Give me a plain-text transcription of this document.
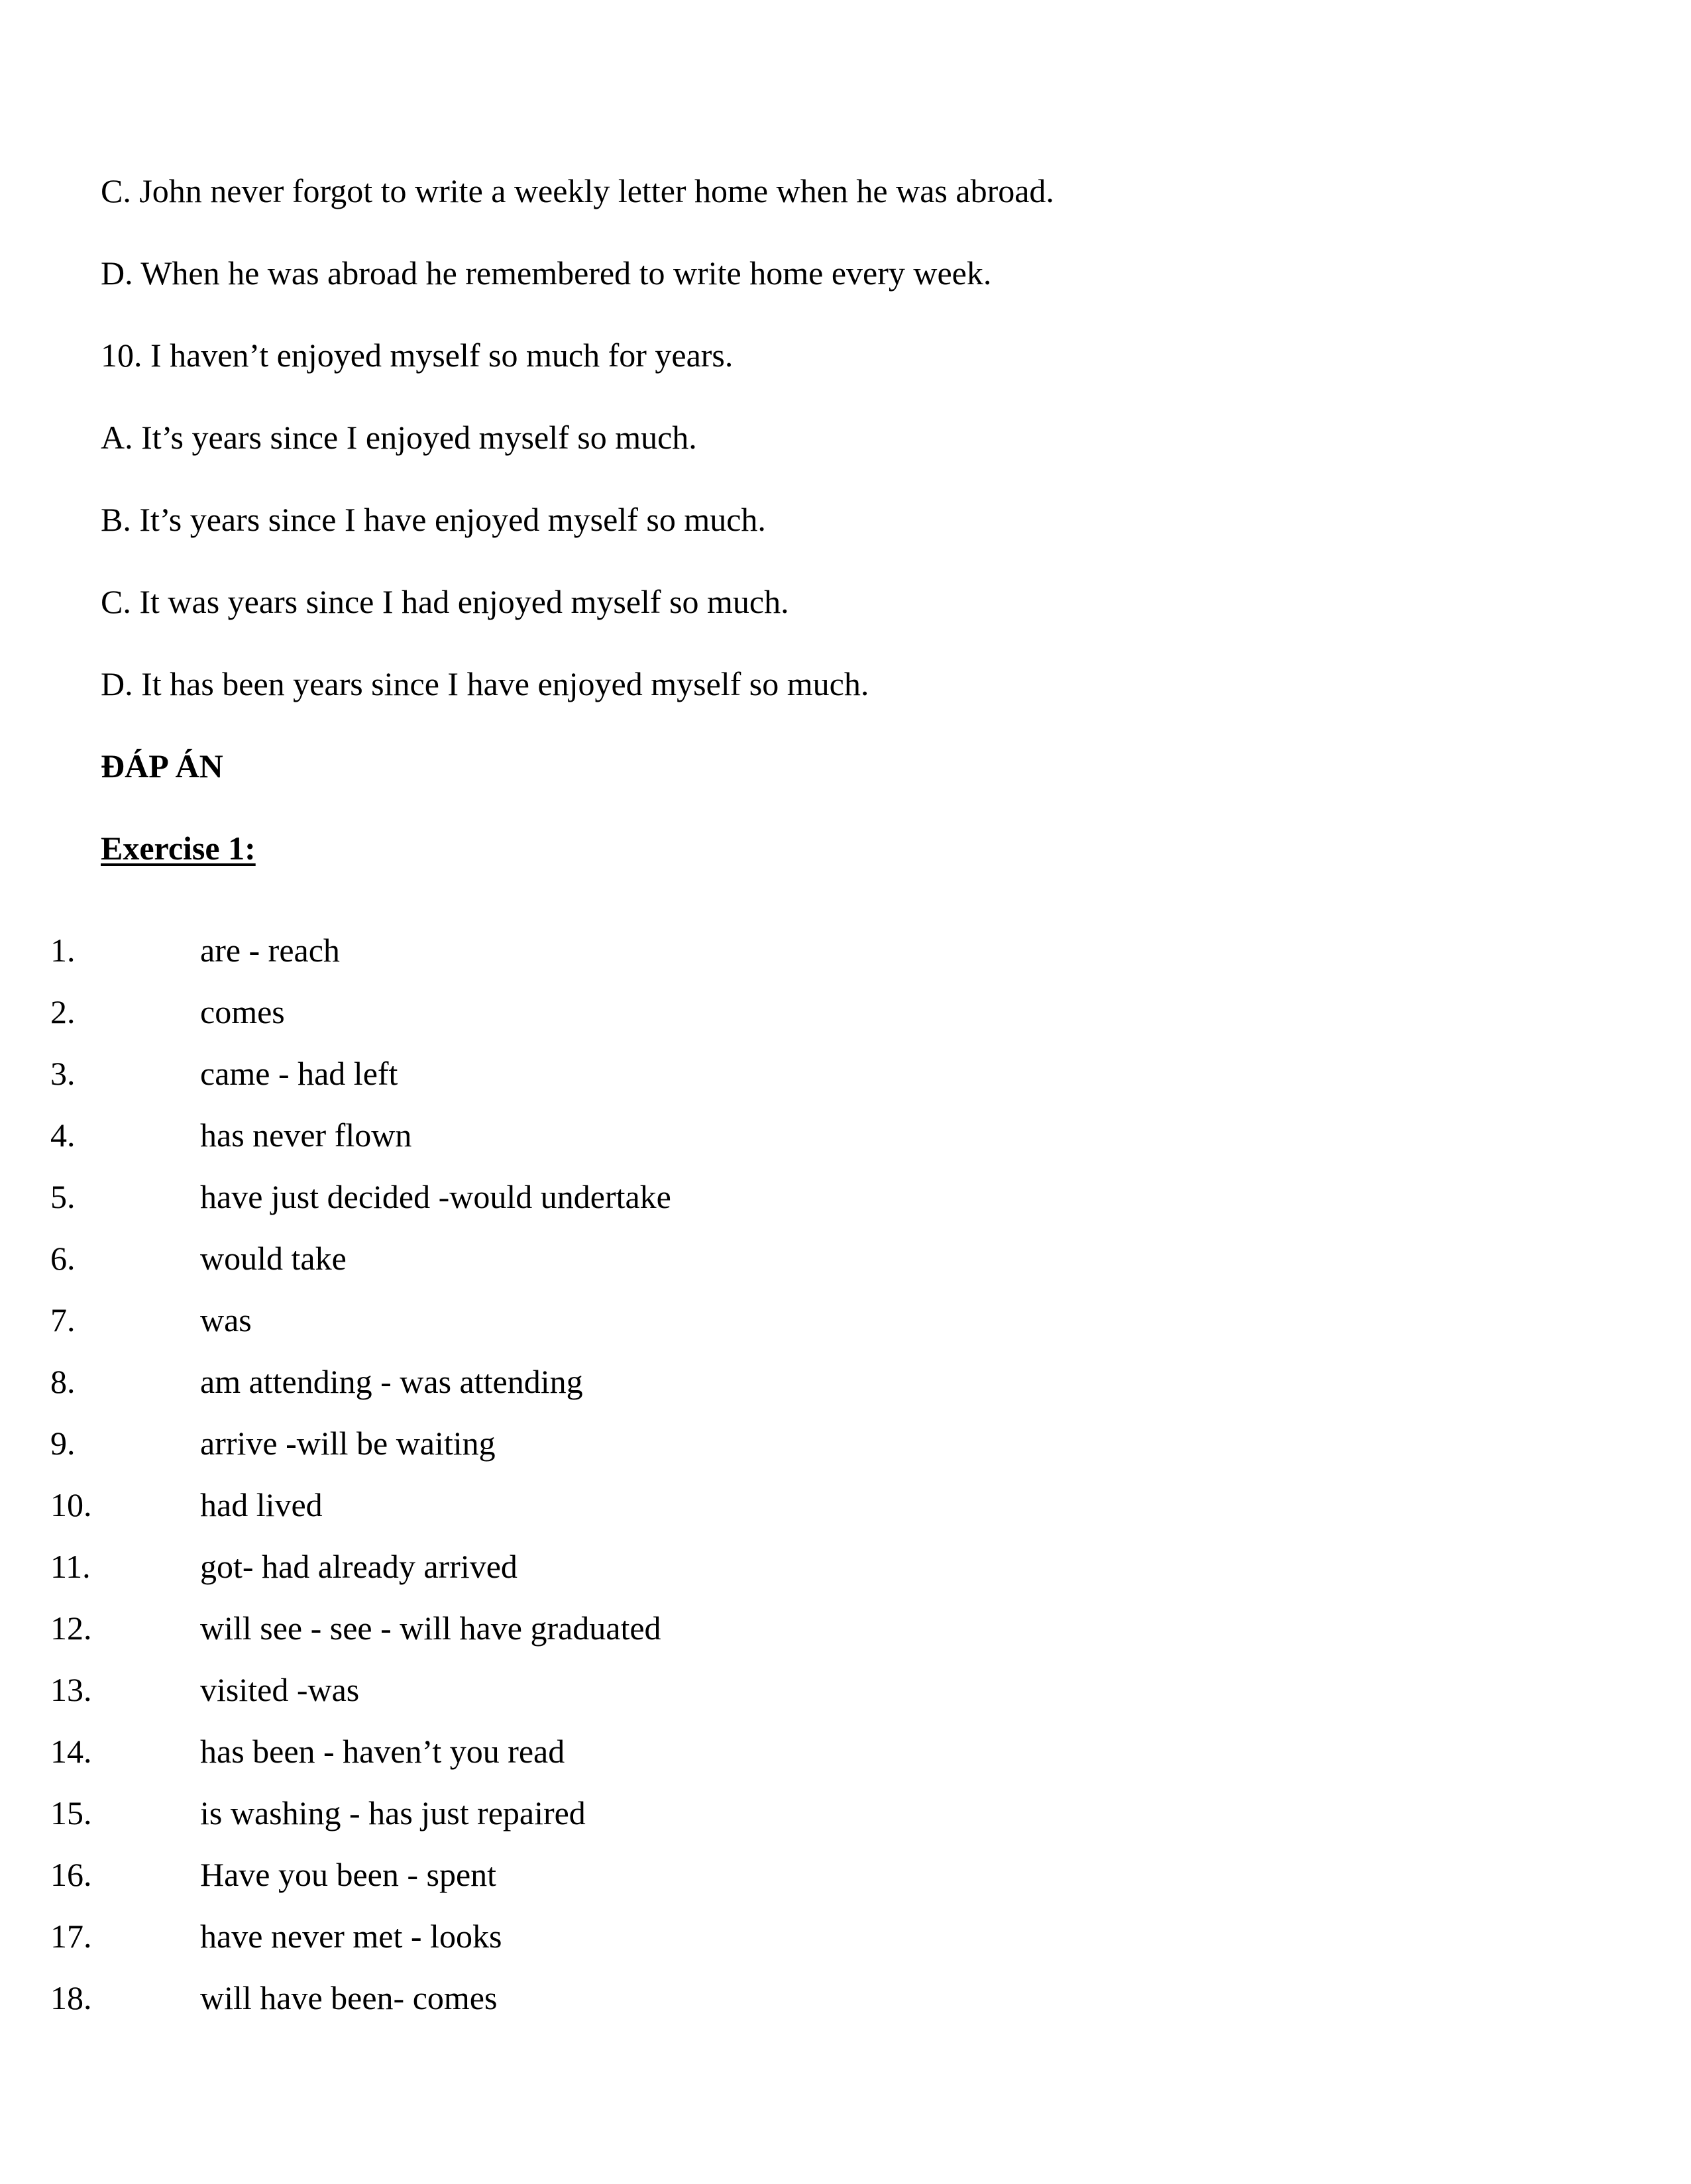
C. John never forgot to write a weekly letter home when he was abroad.
D. When he was abroad he remembered to write home every week.
10. I haven’t enjoyed myself so much for years.
A. It’s years since I enjoyed myself so much.
B. It’s years since I have enjoyed myself so much.
C. It was years since I had enjoyed myself so much.
D. It has been years since I have enjoyed myself so much.
ĐÁP ÁN
Exercise 1:
1.	are - reach
2.	comes
3.	came - had left
4.	has never flown
5.	have just decided -would undertake
6.	would take
7.	was
8.	am attending - was attending
9.	arrive -will be waiting
10.	had lived
11.	got- had already arrived
12.	will see - see - will have graduated
13.	visited -was
14.	has been - haven’t you read
15.	is washing - has just repaired
16.	Have you been - spent
17.	have never met - looks
18.	will have been- comes
